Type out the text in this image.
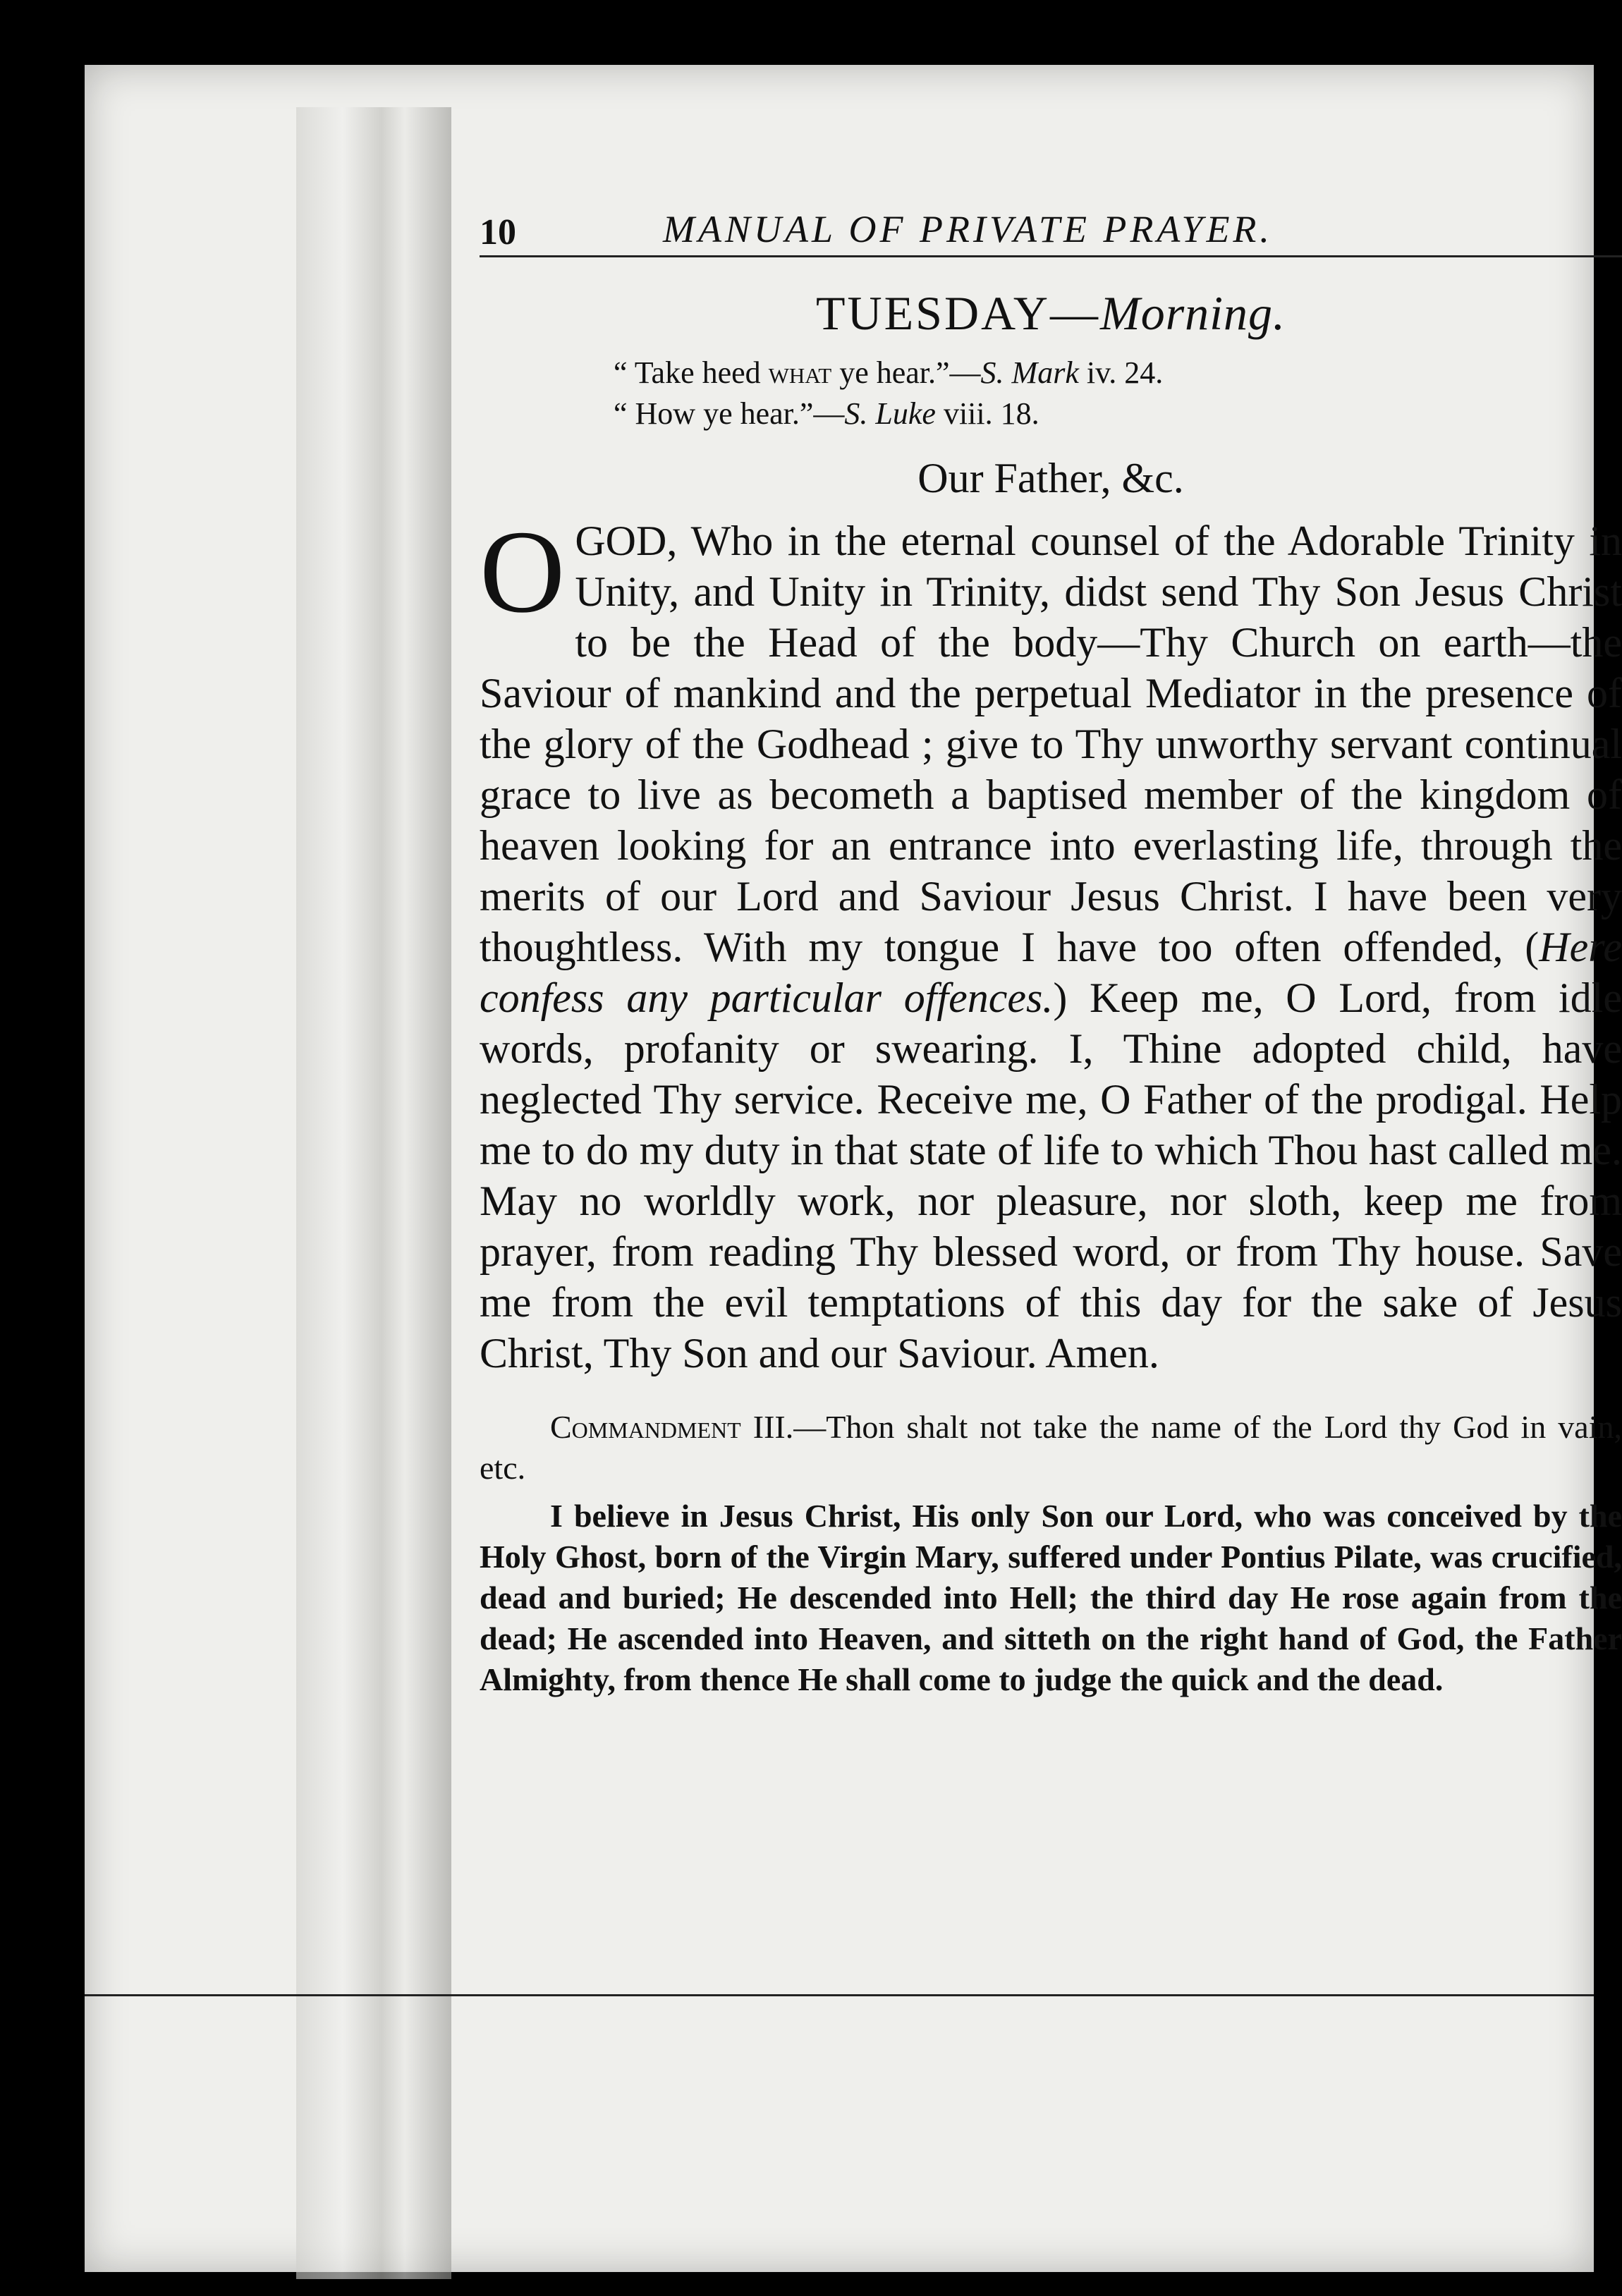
10	MANUAL OF PRIVATE PRAYER.
TUESDAY—Morning.
“ Take heed what ye hear.”—S. Mark iv. 24.
“ How ye hear.”—S. Luke viii. 18.
Our Father, &c.
OGOD, Who in the eternal counsel of the Adorable Trinity in Unity, and Unity in Trinity, didst send Thy Son Jesus Christ to be the Head of the body—Thy Church on earth—the Saviour of mankind and the perpetual Mediator in the presence of the glory of the Godhead ; give to Thy unworthy servant continual grace to live as becometh a baptised member of the kingdom of heaven looking for an entrance into everlasting life, through the merits of our Lord and Saviour Jesus Christ. I have been very thoughtless. With my tongue I have too often offended, (Here confess any particular offences.) Keep me, O Lord, from idle words, profanity or swearing. I, Thine adopted child, have neglected Thy service. Receive me, O Father of the prodigal. Help me to do my duty in that state of life to which Thou hast called me. May no worldly work, nor pleasure, nor sloth, keep me from prayer, from reading Thy blessed word, or from Thy house. Save me from the evil temptations of this day for the sake of Jesus Christ, Thy Son and our Saviour. Amen.
Commandment III.—Thon shalt not take the name of the Lord thy God in vain, etc.
I believe in Jesus Christ, His only Son our Lord, who was conceived by the Holy Ghost, born of the Virgin Mary, suffered under Pontius Pilate, was crucified, dead and buried; He descended into Hell; the third day He rose again from the dead; He ascended into Heaven, and sitteth on the right hand of God, the Father Almighty, from thence He shall come to judge the quick and the dead.
